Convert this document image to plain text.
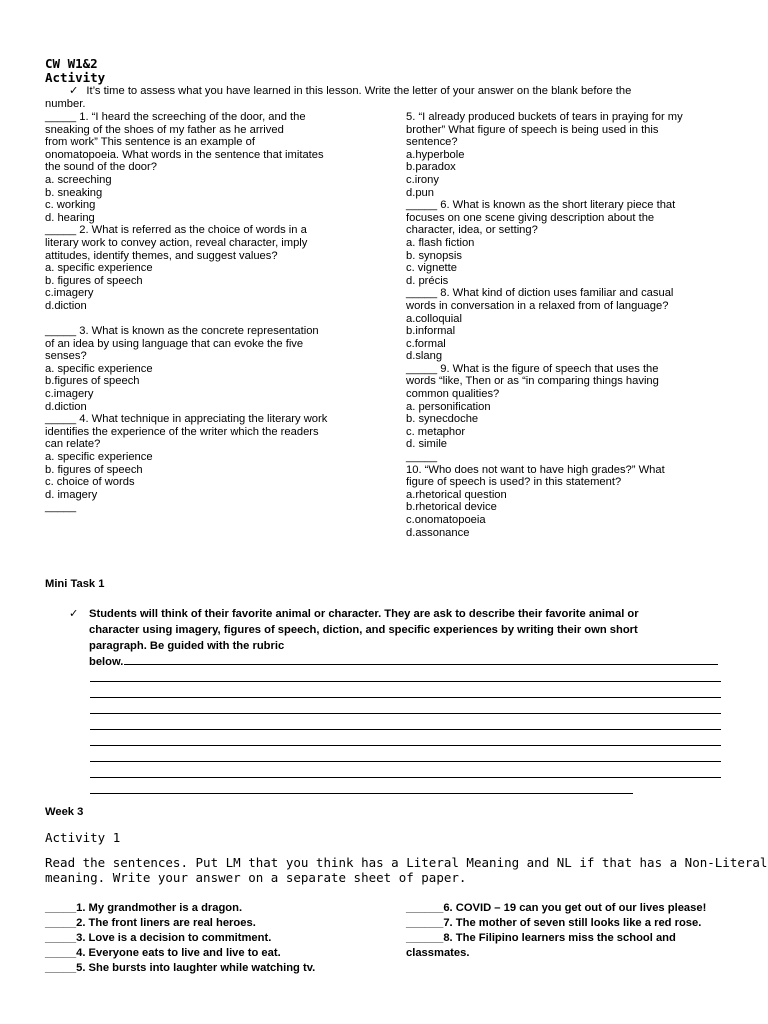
CW W1&2
Activity
✓ It’s time to assess what you have learned in this lesson. Write the letter of your answer on the blank before the
number.
_____ 1. “I heard the screeching of the door, and the
sneaking of the shoes of my father as he arrived
from work” This sentence is an example of
onomatopoeia. What words in the sentence that imitates
the sound of the door?
a. screeching
b. sneaking
c. working
d. hearing
_____ 2. What is referred as the choice of words in a
literary work to convey action, reveal character, imply
attitudes, identify themes, and suggest values?
a. specific experience
b. figures of speech
c.imagery
d.diction
_____ 3. What is known as the concrete representation
of an idea by using language that can evoke the five
senses?
a. specific experience
b.figures of speech
c.imagery
d.diction
_____ 4. What technique in appreciating the literary work
identifies the experience of the writer which the readers
can relate?
a. specific experience
b. figures of speech
c. choice of words
d. imagery
_____
5. “I already produced buckets of tears in praying for my
brother” What figure of speech is being used in this
sentence?
a.hyperbole
b.paradox
c.irony
d.pun
_____ 6. What is known as the short literary piece that
focuses on one scene giving description about the
character, idea, or setting?
a. flash fiction
b. synopsis
c. vignette
d. précis
_____ 8. What kind of diction uses familiar and casual
words in conversation in a relaxed from of language?
a.colloquial
b.informal
c.formal
d.slang
_____ 9. What is the figure of speech that uses the
words “like, Then or as “in comparing things having
common qualities?
a. personification
b. synecdoche
c. metaphor
d. simile
_____
10. “Who does not want to have high grades?” What
figure of speech is used? in this statement?
a.rhetorical question
b.rhetorical device
c.onomatopoeia
d.assonance
Mini Task 1
✓ Students will think of their favorite animal or character. They are ask to describe their favorite animal or
character using imagery, figures of speech, diction, and specific experiences by writing their own short
paragraph. Be guided with the rubric
below.
Week 3
Activity 1
Read the sentences. Put LM that you think has a Literal Meaning and NL if that has a Non-Literal
meaning. Write your answer on a separate sheet of paper.
_____1. My grandmother is a dragon.
_____2. The front liners are real heroes.
_____3. Love is a decision to commitment.
_____4. Everyone eats to live and live to eat.
_____5. She bursts into laughter while watching tv.
______6. COVID – 19 can you get out of our lives please!
______7. The mother of seven still looks like a red rose.
______8. The Filipino learners miss the school and
classmates.
